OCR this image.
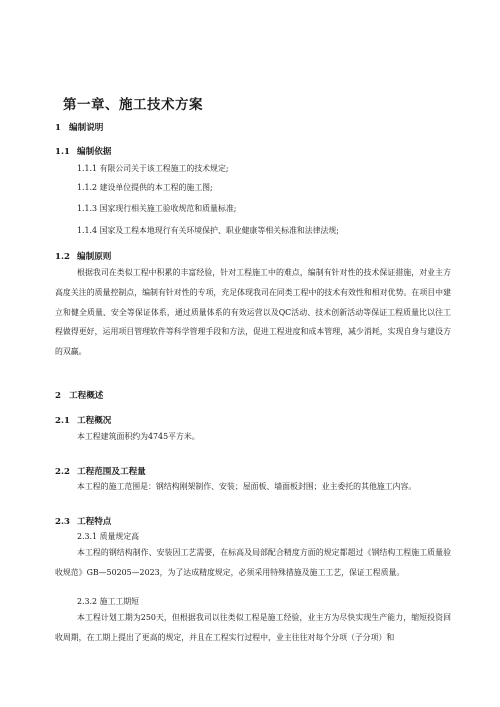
第一章、施工技术方案
1 编制说明
1.1 编制依据
1.1.1 有限公司关于该工程施工的技术规定;
1.1.2 建设单位提供的本工程的施工图;
1.1.3 国家现行相关施工验收规范和质量标准;
1.1.4 国家及工程本地现行有关环境保护、职业健康等相关标准和法律法规;
1.2 编制原则

根据我司在类似工程中积累的丰富经验，针对工程施工中的难点，编制有针对性的技术保证措施，对业主方高度关注的质量控制点，编制有针对性的专项，充足体现我司在同类工程中的技术有效性和相对优势。在项目中建立和健全质量、安全等保证体系，通过质量体系的有效运营以及QC活动、技术创新活动等保证工程质量比以往工程做得更好，运用项目管理软件等科学管理手段和方法，促进工程进度和成本管理，减少消耗，实现自身与建设方的双赢。

2 工程概述
2.1 工程概况

本工程建筑面积约为4745平方米。

2.2 工程范围及工程量

本工程的施工范围是：钢结构刚架制作、安装；屋面板、墙面板封围；业主委托的其他施工内容。

2.3 工程特点
2.3.1 质量规定高

本工程的钢结构制作、安装因工艺需要，在标高及局部配合精度方面的规定都超过《钢结构工程施工质量验收规范》GB—50205—2023，为了达成精度规定，必须采用特殊措施及施工工艺，保证工程质量。

2.3.2 施工工期短

本工程计划工期为250天，但根据我司以往类似工程是施工经验，业主方为尽快实现生产能力，缩短投资回收周期，在工期上提出了更高的规定，并且在工程实行过程中，业主往往对每个分项（子分项）和
